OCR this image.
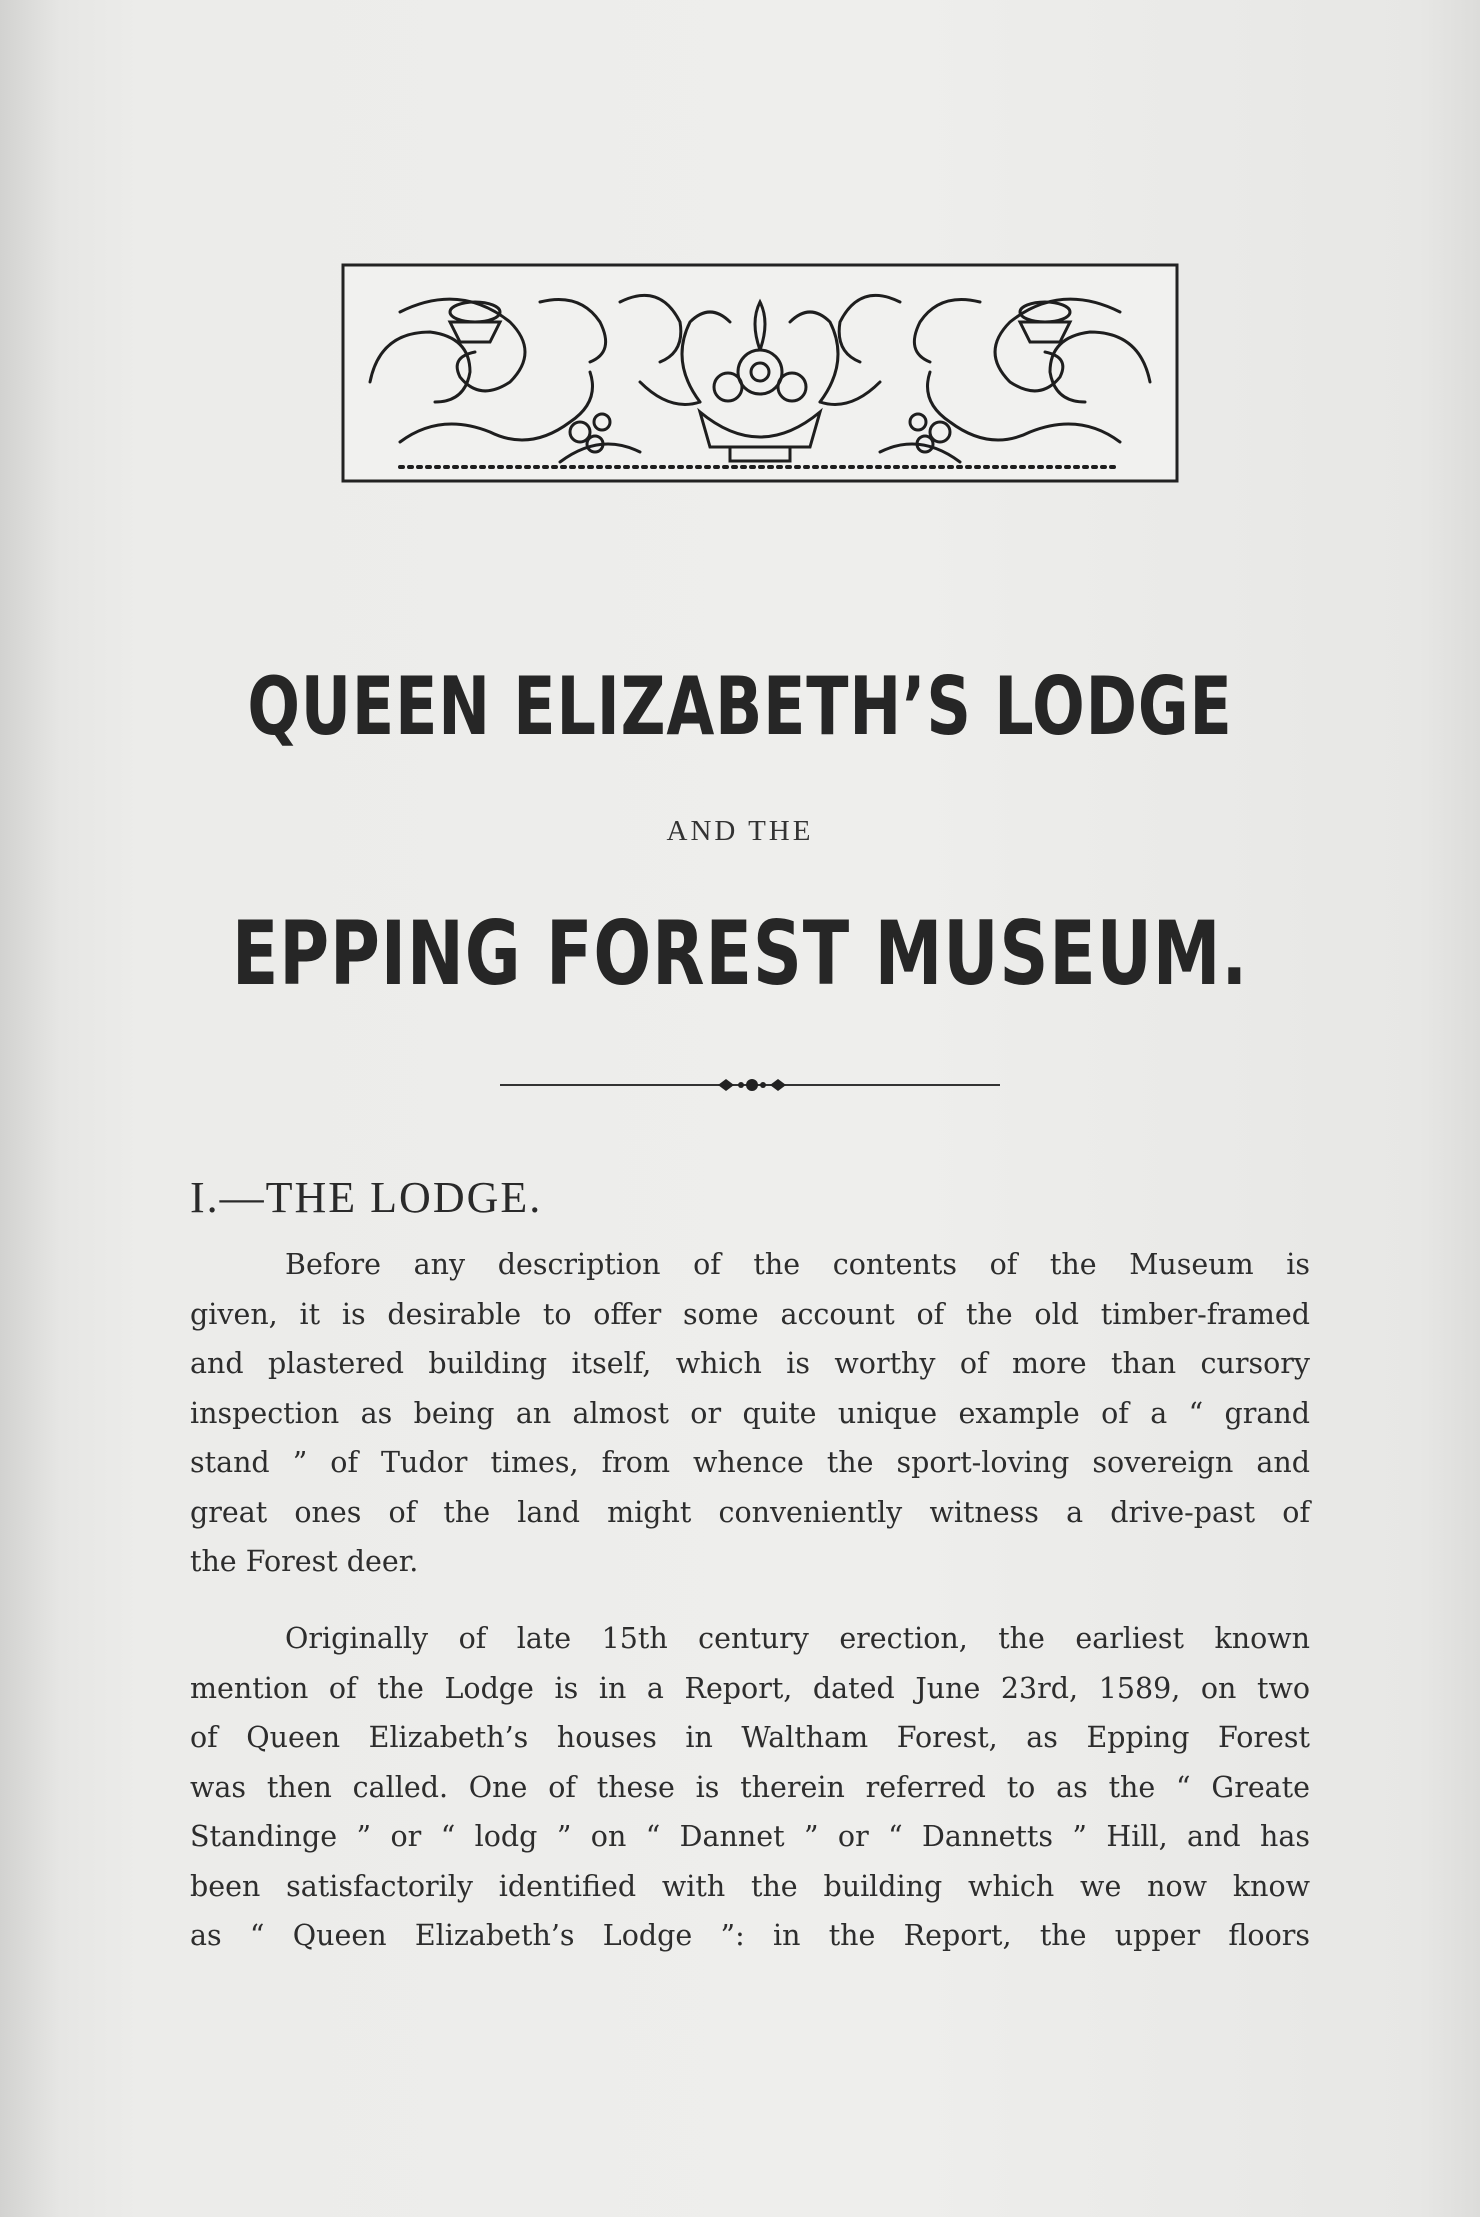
QUEEN ELIZABETH’S LODGE
AND THE
EPPING FOREST MUSEUM.
I.—THE LODGE.
Before any description of the contents of the Museum is
given, it is desirable to offer some account of the old timber-framed
and plastered building itself, which is worthy of more than cursory
inspection as being an almost or quite unique example of a “ grand
stand ” of Tudor times, from whence the sport-loving sovereign and
great ones of the land might conveniently witness a drive-past of
the Forest deer.
Originally of late 15th century erection, the earliest known
mention of the Lodge is in a Report, dated June 23rd, 1589, on two
of Queen Elizabeth’s houses in Waltham Forest, as Epping Forest
was then called. One of these is therein referred to as the “ Greate
Standinge ” or “ lodg ” on “ Dannet ” or “ Dannetts ” Hill, and has
been satisfactorily identified with the building which we now know
as “ Queen Elizabeth’s Lodge ”: in the Report, the upper floors
